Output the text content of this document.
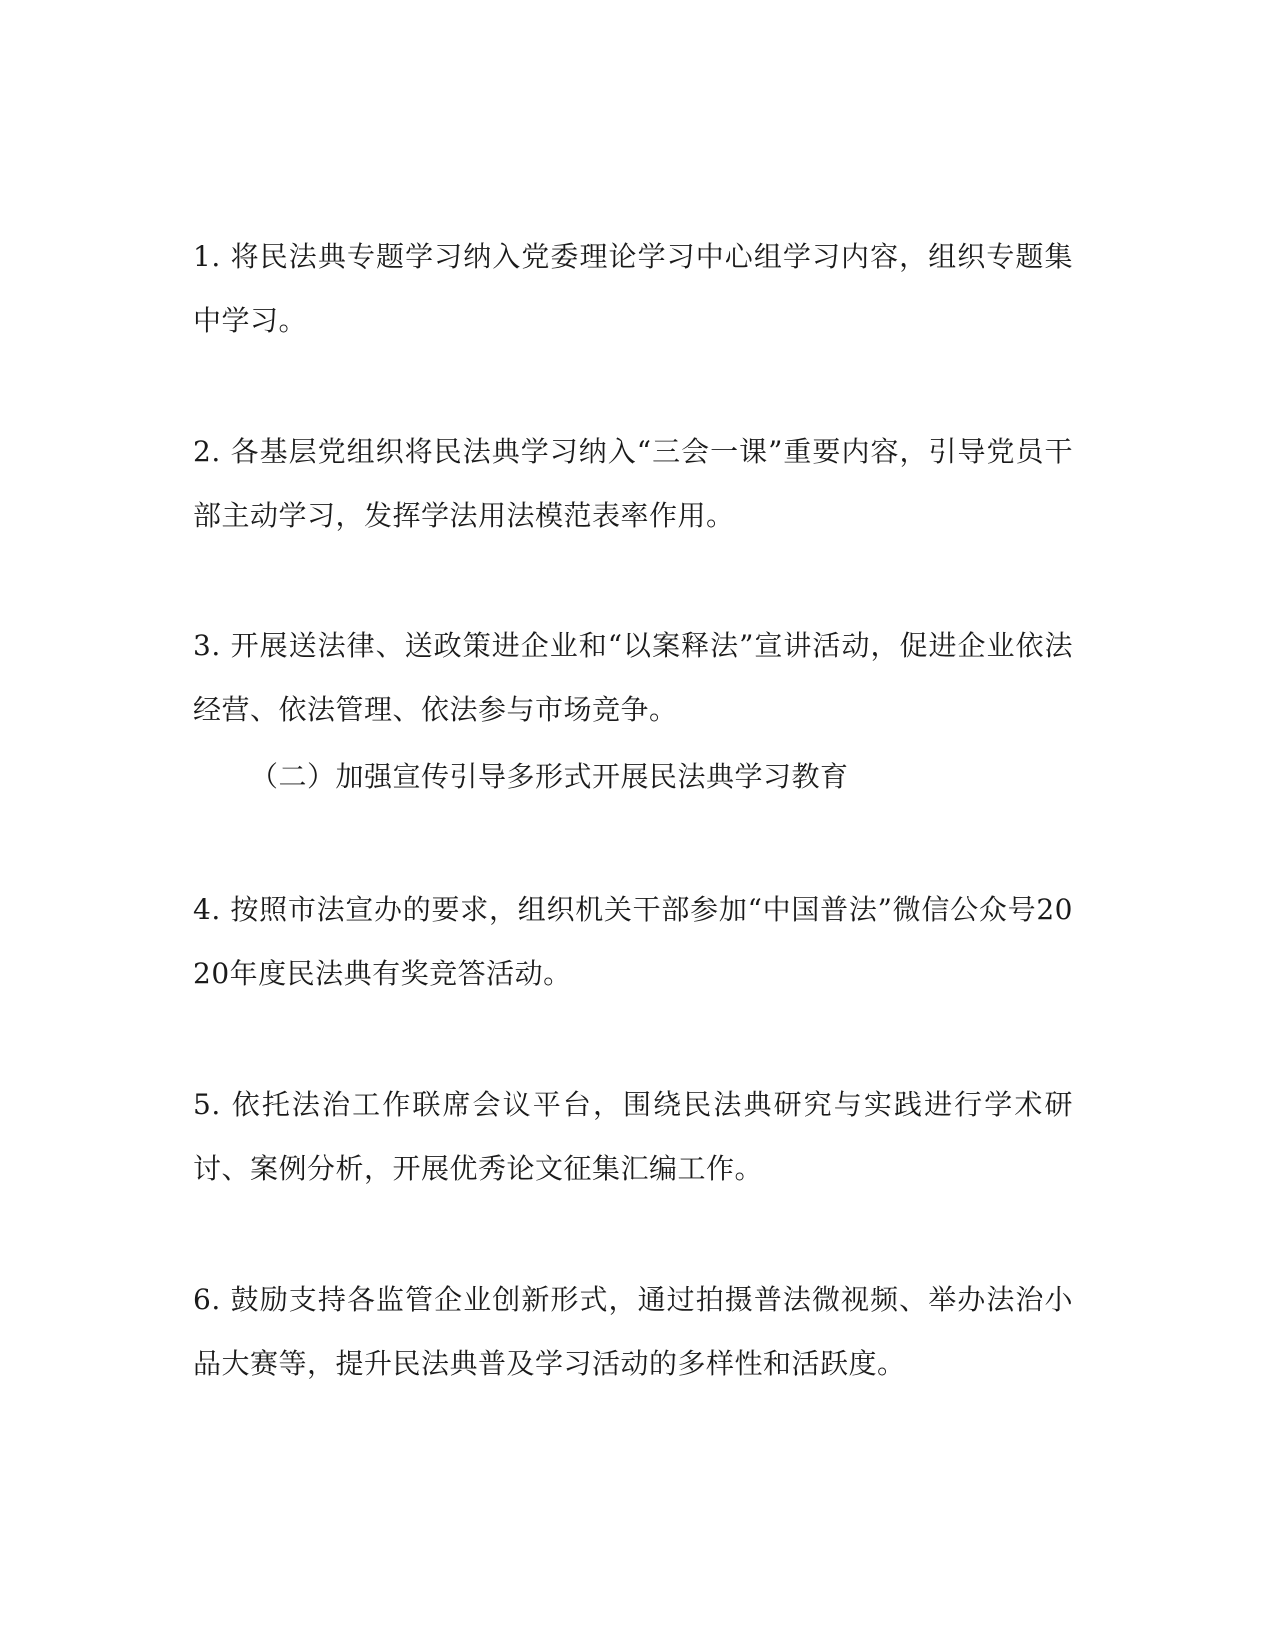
1. 将民法典专题学习纳入党委理论学习中心组学习内容，组织专题集中学习。

2. 各基层党组织将民法典学习纳入“三会一课”重要内容，引导党员干部主动学习，发挥学法用法模范表率作用。

3. 开展送法律、送政策进企业和“以案释法”宣讲活动，促进企业依法经营、依法管理、依法参与市场竞争。

（二）加强宣传引导多形式开展民法典学习教育

4. 按照市法宣办的要求，组织机关干部参加“中国普法”微信公众号2020年度民法典有奖竞答活动。

5. 依托法治工作联席会议平台，围绕民法典研究与实践进行学术研讨、案例分析，开展优秀论文征集汇编工作。

6. 鼓励支持各监管企业创新形式，通过拍摄普法微视频、举办法治小品大赛等，提升民法典普及学习活动的多样性和活跃度。
